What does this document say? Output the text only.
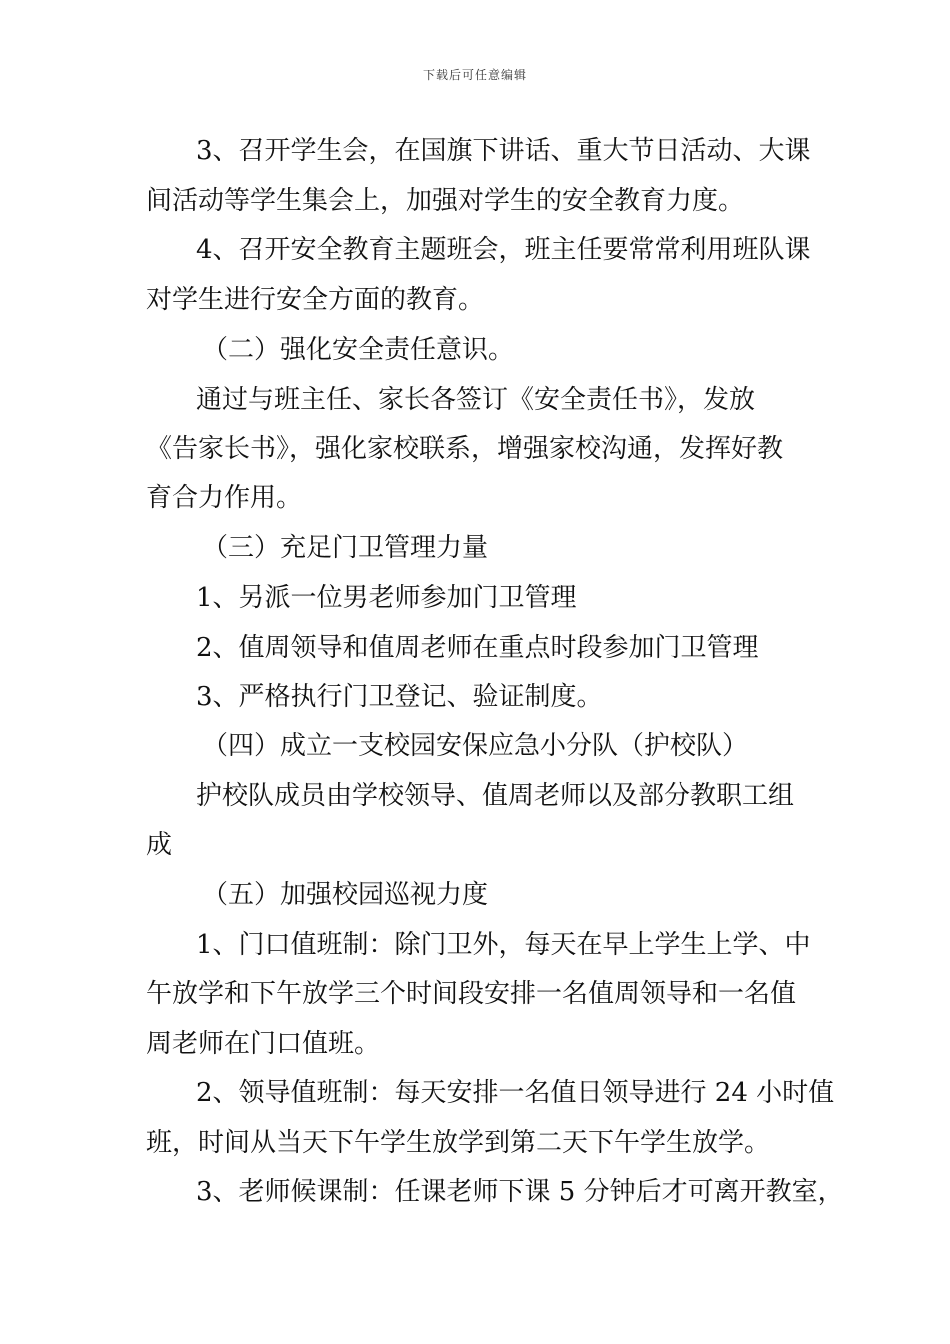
下载后可任意编辑
3、召开学生会，在国旗下讲话、重大节日活动、大课
间活动等学生集会上，加强对学生的安全教育力度。
4、召开安全教育主题班会，班主任要常常利用班队课
对学生进行安全方面的教育。
（二）强化安全责任意识。
通过与班主任、家长各签订《安全责任书》，发放
《告家长书》，强化家校联系，增强家校沟通，发挥好教
育合力作用。
（三）充足门卫管理力量
1、另派一位男老师参加门卫管理
2、值周领导和值周老师在重点时段参加门卫管理
3、严格执行门卫登记、验证制度。
（四）成立一支校园安保应急小分队（护校队）
护校队成员由学校领导、值周老师以及部分教职工组
成
（五）加强校园巡视力度
1、门口值班制：除门卫外，每天在早上学生上学、中
午放学和下午放学三个时间段安排一名值周领导和一名值
周老师在门口值班。
2、领导值班制：每天安排一名值日领导进行 24 小时值
班，时间从当天下午学生放学到第二天下午学生放学。
3、老师候课制：任课老师下课 5 分钟后才可离开教室，
